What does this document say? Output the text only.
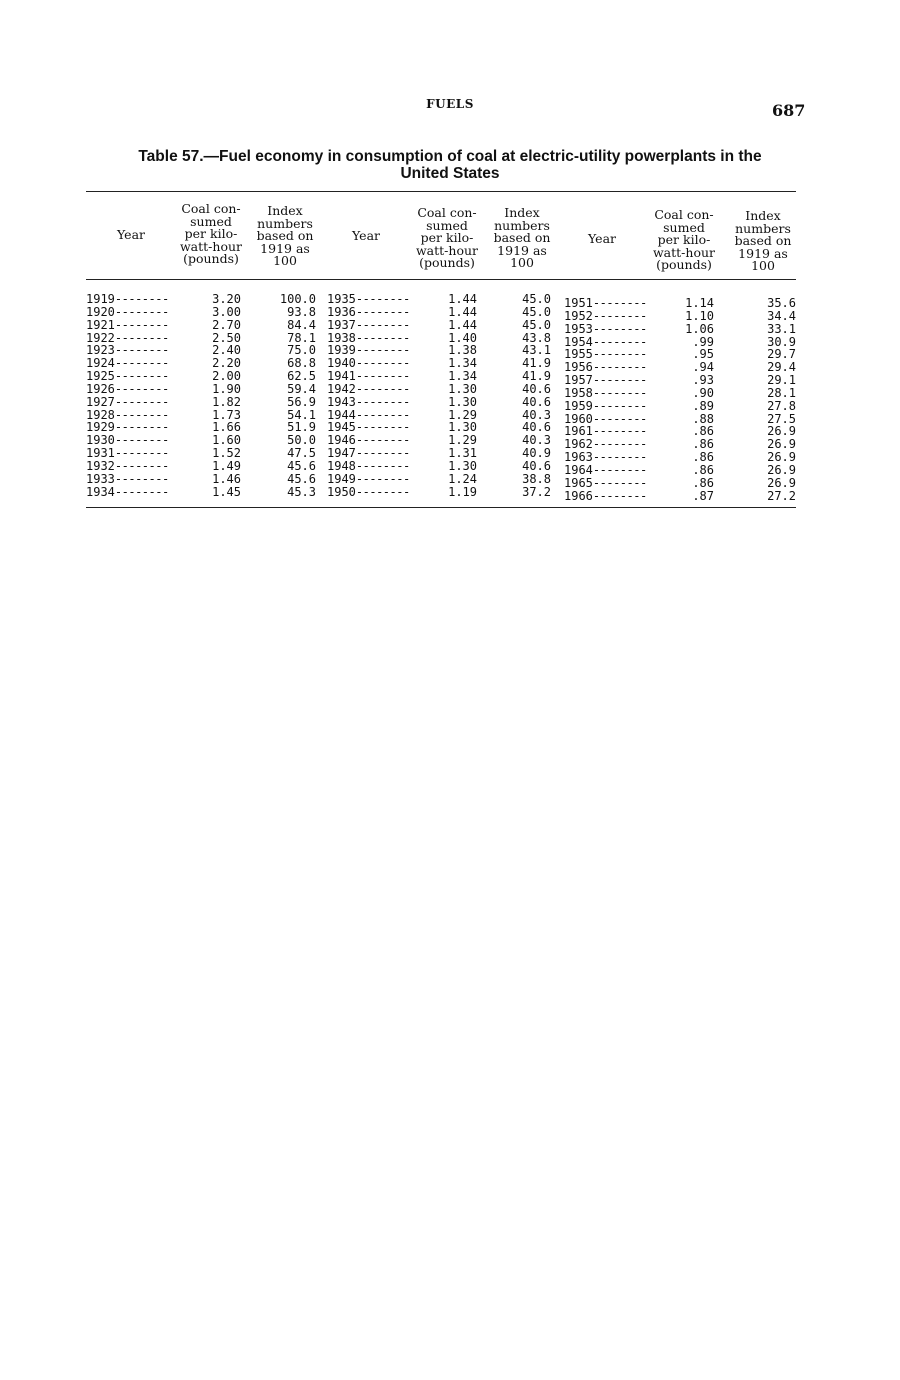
FUELS	687
Table 57.—Fuel economy in consumption of coal at electric-utility powerplants in the
United States
Year
Coal con-
sumed
per kilo-
watt-hour
(pounds)
Index
numbers
based on
1919 as
100
Year
Coal con-
sumed
per kilo-
watt-hour
(pounds)
Index
numbers
based on
1919 as
100
Year
Coal con-
sumed
per kilo-
watt-hour
(pounds)
Index
numbers
based on
1919 as
100
1919--------
1920--------
1921--------
1922--------
1923--------
1924--------
1925--------
1926--------
1927--------
1928--------
1929--------
1930--------
1931--------
1932--------
1933--------
1934--------
3.20
3.00
2.70
2.50
2.40
2.20
2.00
1.90
1.82
1.73
1.66
1.60
1.52
1.49
1.46
1.45
100.0
93.8
84.4
78.1
75.0
68.8
62.5
59.4
56.9
54.1
51.9
50.0
47.5
45.6
45.6
45.3
1935--------
1936--------
1937--------
1938--------
1939--------
1940--------
1941--------
1942--------
1943--------
1944--------
1945--------
1946--------
1947--------
1948--------
1949--------
1950--------
1.44
1.44
1.44
1.40
1.38
1.34
1.34
1.30
1.30
1.29
1.30
1.29
1.31
1.30
1.24
1.19
45.0
45.0
45.0
43.8
43.1
41.9
41.9
40.6
40.6
40.3
40.6
40.3
40.9
40.6
38.8
37.2
1951--------
1952--------
1953--------
1954--------
1955--------
1956--------
1957--------
1958--------
1959--------
1960--------
1961--------
1962--------
1963--------
1964--------
1965--------
1966--------
1.14
1.10
1.06
.99
.95
.94
.93
.90
.89
.88
.86
.86
.86
.86
.86
.87
35.6
34.4
33.1
30.9
29.7
29.4
29.1
28.1
27.8
27.5
26.9
26.9
26.9
26.9
26.9
27.2
